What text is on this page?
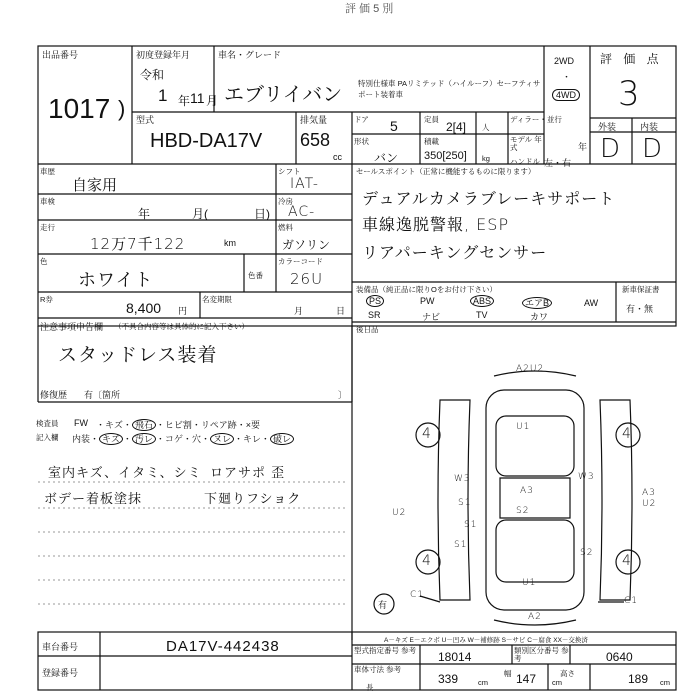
評 価 5 別
出品番号
1017 )
初度登録年月
令和
1 年 11 月
車名・グレード
エブリイバン
特別仕様車 PAリミテッド（ハイルーフ）セーフティサポート装着車
2WD
・
4WD
型式
HBD-DA17V
排気量
658
cc
ドア 5	定員
2[4] 人
ディラー・並行
形状
バン
積載
350[250] kg
モデル 年式
ハンドル
年
左・右
評 価 点
3
外装	内装
D D
車歴
自家用
シフト
IAT-
車検
年	月(	日)
冷房
AC-
走行
12万7千122	km
燃料
ガソリン
色
ホワイト	色番
カラーコード
26U
R券
8,400 円
名変期限
月	日
セールスポイント（正常に機能するものに限ります）
デュアルカメラブレーキサポート
車線逸脱警報, ESP
リアパーキングセンサー
装備品（純正品に限りOをお付け下さい）
PS
SR
PW
ナビ
ABS
TV
エアB
カワ
AW
新車保証書
有・無
後日品
注意事項申告欄 （不具合内容等は具体的に記入下さい）
スタッドレス装着
修復歴 有〔箇所	〕
検査員
記入欄
FW ・キズ・ 飛石 ・ヒビ割・リペア跡・×要
内装・ キズ ・ 汚レ ・コゲ・穴・ ヌレ ・キレ・ 破レ
室内キズ、イタミ、シミ
ボデー着板塗抹
ロアサポ 歪
下廻りフショク
A2U2
U1
A3
S2
W3	W3
U2
A3 U2
S1
S1
S1
U1
C1
C1
A2
S2
4	4
4	4
有
A－キズ E－エクボ U－凹み W－補修跡 S－サビ C－腐食 XX－交換済
車台番号	DA17V-442438
登録番号
型式指定番号 参考 18014	類別区分番号 参考	0640
車体寸法 参考
長
339	cm
幅 147 cm
高さ	189 cm
